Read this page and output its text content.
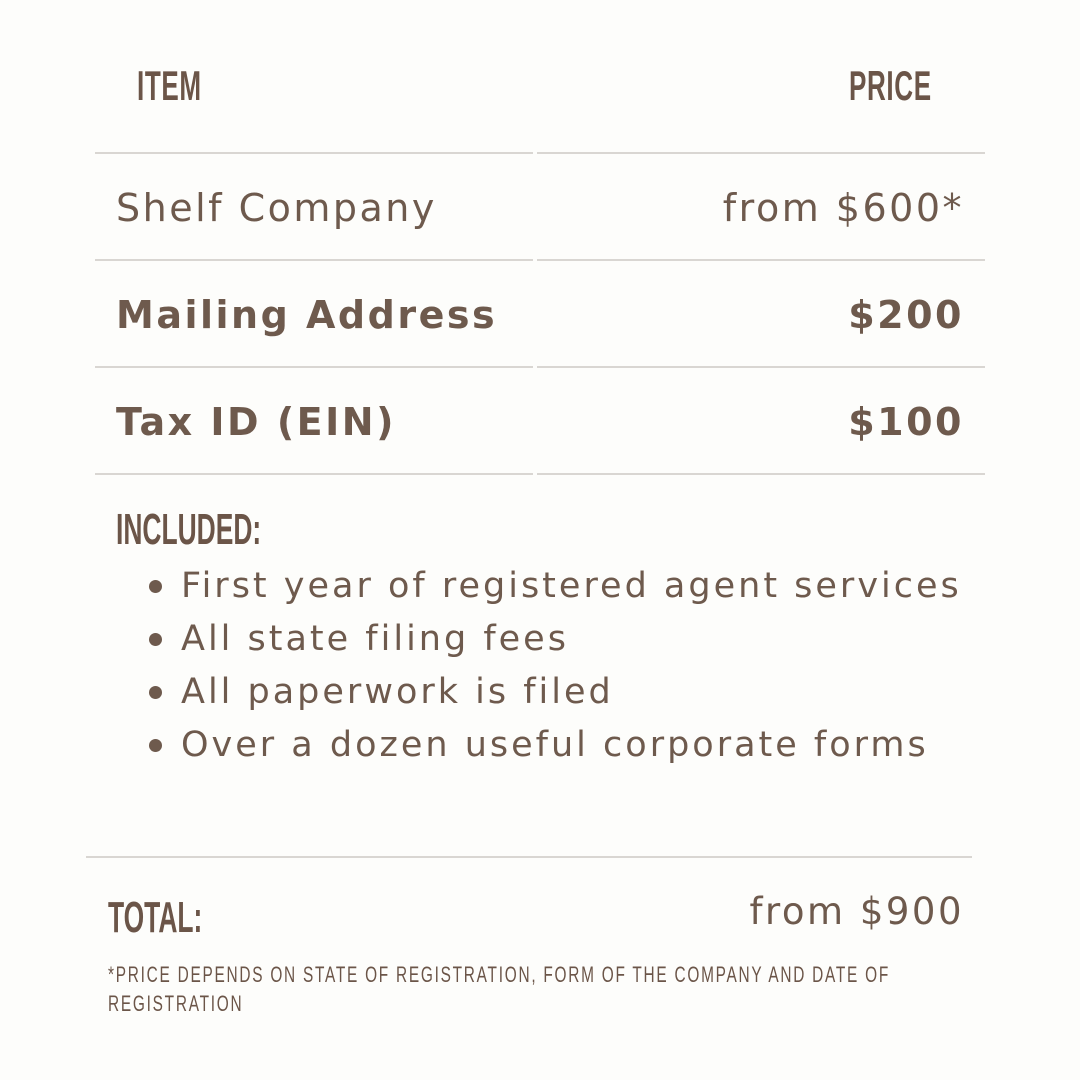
ITEM	PRICE
Shelf Company	from $600*
Mailing Address	$200
Tax ID (EIN)	$100
INCLUDED:
First year of registered agent services
All state filing fees
All paperwork is filed
Over a dozen useful corporate forms
TOTAL:	from $900
*PRICE DEPENDS ON STATE OF REGISTRATION, FORM OF THE COMPANY AND DATE OF REGISTRATION
